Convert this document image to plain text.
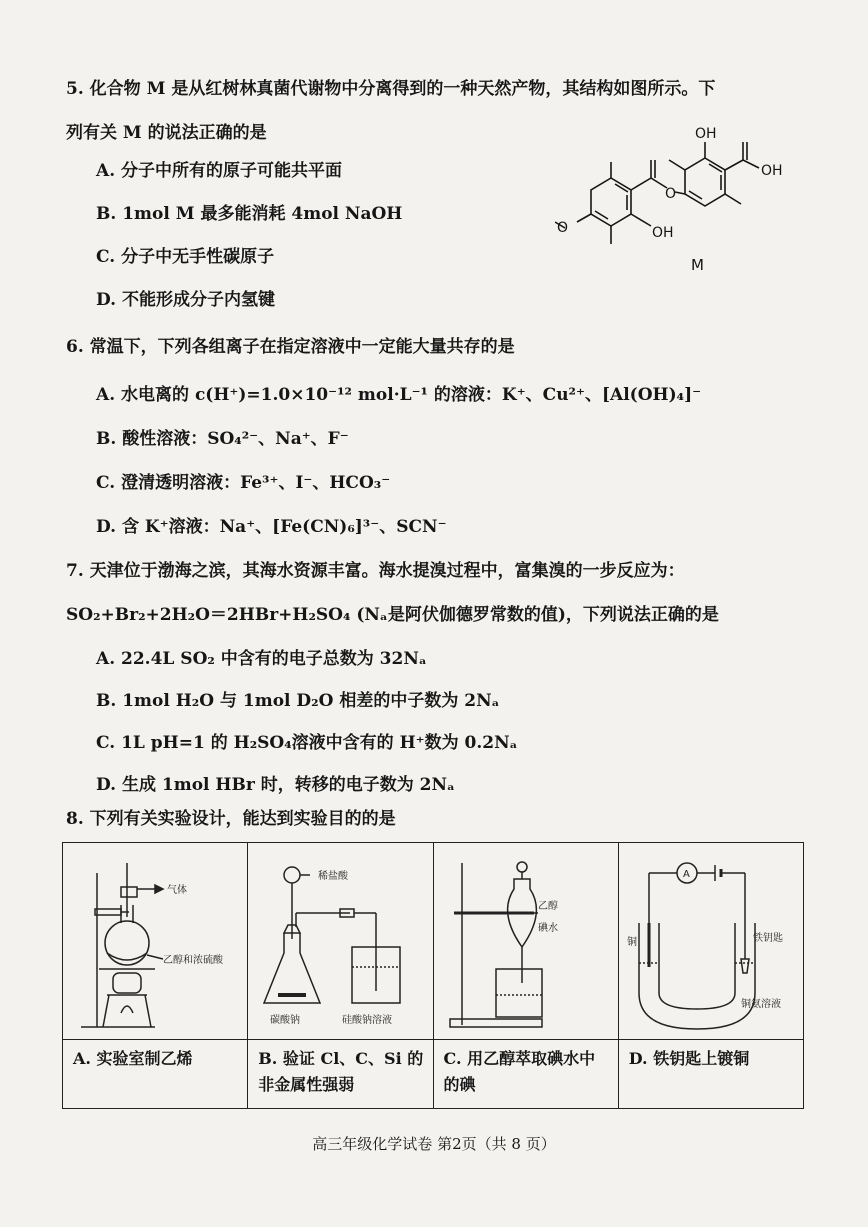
5. 化合物 M 是从红树林真菌代谢物中分离得到的一种天然产物，其结构如图所示。下
列有关 M 的说法正确的是
A. 分子中所有的原子可能共平面
B. 1mol M 最多能消耗 4mol NaOH
C. 分子中无手性碳原子
D. 不能形成分子内氢键
O
O
OH
OH
OH
M
6. 常温下，下列各组离子在指定溶液中一定能大量共存的是
A. 水电离的 c(H⁺)=1.0×10⁻¹² mol·L⁻¹ 的溶液：K⁺、Cu²⁺、[Al(OH)₄]⁻
B. 酸性溶液：SO₄²⁻、Na⁺、F⁻
C. 澄清透明溶液：Fe³⁺、I⁻、HCO₃⁻
D. 含 K⁺溶液：Na⁺、[Fe(CN)₆]³⁻、SCN⁻
7. 天津位于渤海之滨，其海水资源丰富。海水提溴过程中，富集溴的一步反应为：
SO₂+Br₂+2H₂O＝2HBr+H₂SO₄ (Nₐ是阿伏伽德罗常数的值)，下列说法正确的是
A. 22.4L SO₂ 中含有的电子总数为 32Nₐ
B. 1mol H₂O 与 1mol D₂O 相差的中子数为 2Nₐ
C. 1L pH=1 的 H₂SO₄溶液中含有的 H⁺数为 0.2Nₐ
D. 生成 1mol HBr 时，转移的电子数为 2Nₐ
8. 下列有关实验设计，能达到实验目的的是
气体
乙醇和浓硫酸	稀盐酸
碳酸钠 硅酸钠溶液	乙醇
碘水	A
铜 铁钥匙
铜氨溶液

A. 实验室制乙烯	B. 验证 Cl、C、Si 的非金属性强弱	C. 用乙醇萃取碘水中的碘	D. 铁钥匙上镀铜
高三年级化学试卷 第2页（共 8 页）
